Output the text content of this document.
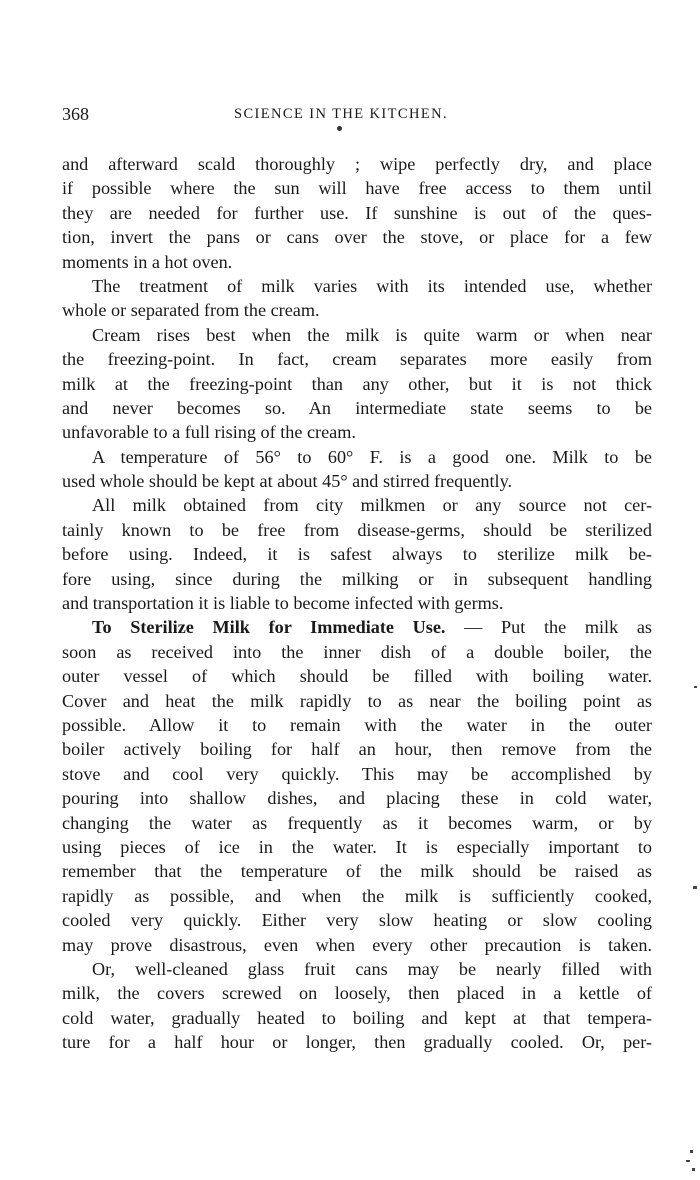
368	SCIENCE IN THE KITCHEN.
and afterward scald thoroughly ; wipe perfectly dry, and place
if possible where the sun will have free access to them until
they are needed for further use. If sunshine is out of the ques-
tion, invert the pans or cans over the stove, or place for a few
moments in a hot oven.
The treatment of milk varies with its intended use, whether
whole or separated from the cream.
Cream rises best when the milk is quite warm or when near
the freezing-point. In fact, cream separates more easily from
milk at the freezing-point than any other, but it is not thick
and never becomes so. An intermediate state seems to be
unfavorable to a full rising of the cream.
A temperature of 56° to 60° F. is a good one. Milk to be
used whole should be kept at about 45° and stirred frequently.
All milk obtained from city milkmen or any source not cer-
tainly known to be free from disease-germs, should be sterilized
before using. Indeed, it is safest always to sterilize milk be-
fore using, since during the milking or in subsequent handling
and transportation it is liable to become infected with germs.
To Sterilize Milk for Immediate Use. — Put the milk as
soon as received into the inner dish of a double boiler, the
outer vessel of which should be filled with boiling water.
Cover and heat the milk rapidly to as near the boiling point as
possible. Allow it to remain with the water in the outer
boiler actively boiling for half an hour, then remove from the
stove and cool very quickly. This may be accomplished by
pouring into shallow dishes, and placing these in cold water,
changing the water as frequently as it becomes warm, or by
using pieces of ice in the water. It is especially important to
remember that the temperature of the milk should be raised as
rapidly as possible, and when the milk is sufficiently cooked,
cooled very quickly. Either very slow heating or slow cooling
may prove disastrous, even when every other precaution is taken.
Or, well-cleaned glass fruit cans may be nearly filled with
milk, the covers screwed on loosely, then placed in a kettle of
cold water, gradually heated to boiling and kept at that tempera-
ture for a half hour or longer, then gradually cooled. Or, per-
